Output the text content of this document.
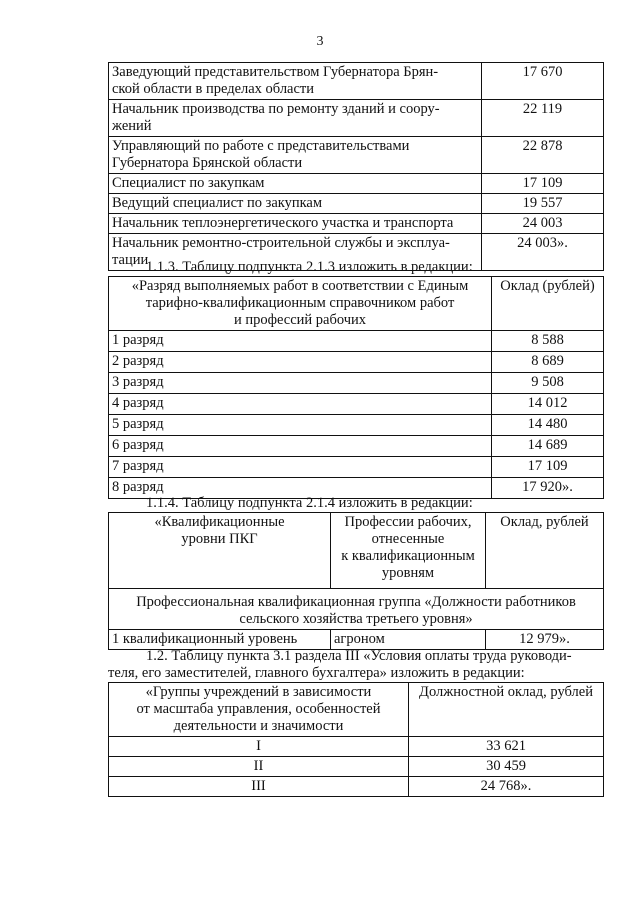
3
Заведующий представительством Губернатора Брян-
ской области в пределах области	17 670
Начальник производства по ремонту зданий и соору-
жений	22 119
Управляющий по работе с представительствами
Губернатора Брянской области	22 878
Специалист по закупкам	17 109
Ведущий специалист по закупкам	19 557
Начальник теплоэнергетического участка и транспорта	24 003
Начальник ремонтно-строительной службы и эксплуа-
тации	24 003».
1.1.3. Таблицу подпункта 2.1.3 изложить в редакции:
«Разряд выполняемых работ в соответствии с Единым
тарифно-квалификационным справочником работ
и профессий рабочих	Оклад (рублей)
1 разряд	8 588
2 разряд	8 689
3 разряд	9 508
4 разряд	14 012
5 разряд	14 480
6 разряд	14 689
7 разряд	17 109
8 разряд	17 920».
1.1.4. Таблицу подпункта 2.1.4 изложить в редакции:
«Квалификационные
уровни ПКГ	Профессии рабочих,
отнесенные
к квалификационным
уровням	Оклад, рублей
Профессиональная квалификационная группа «Должности работников
сельского хозяйства третьего уровня»		
1 квалификационный уровень	агроном	12 979».
1.2. Таблицу пункта 3.1 раздела III «Условия оплаты труда руководи-
теля, его заместителей, главного бухгалтера» изложить в редакции:
«Группы учреждений в зависимости
от масштаба управления, особенностей
деятельности и значимости	Должностной оклад, рублей
I	33 621
II	30 459
III	24 768».
